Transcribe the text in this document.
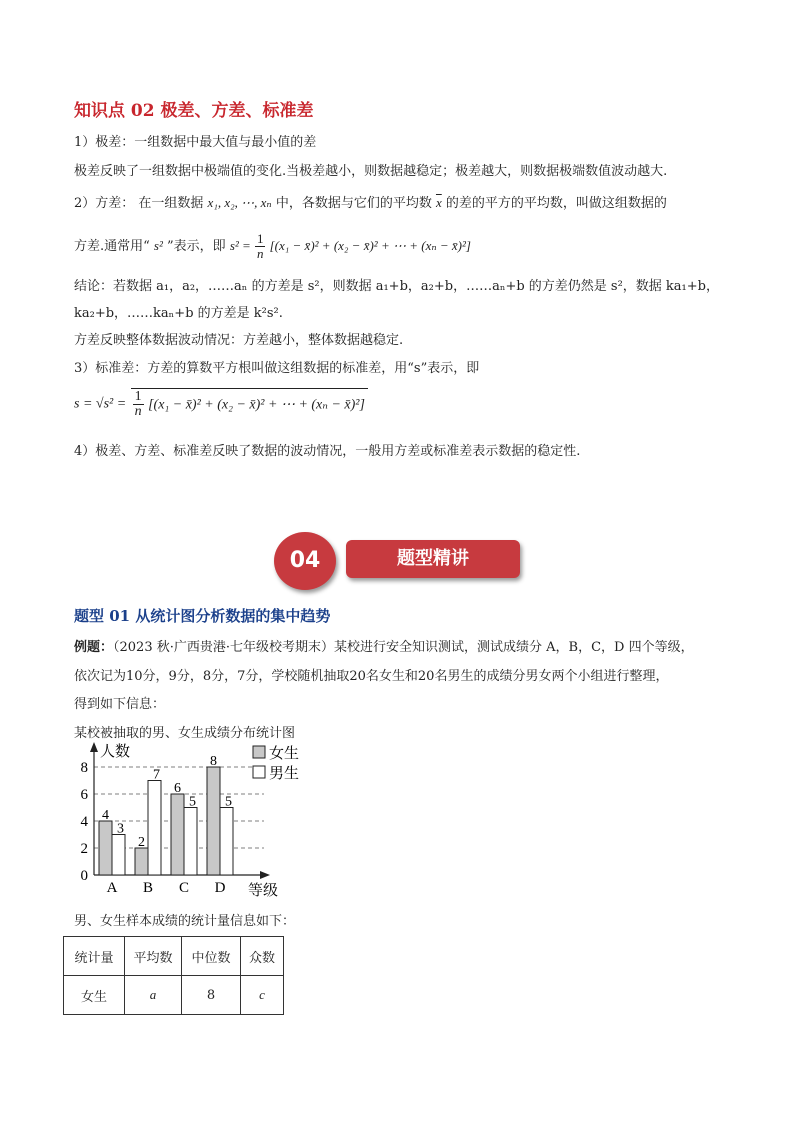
知识点 02 极差、方差、标准差
1）极差：一组数据中最大值与最小值的差
极差反映了一组数据中极端值的变化.当极差越小，则数据越稳定；极差越大，则数据极端数值波动越大.
2）方差： 在一组数据 x₁, x₂, ⋯, xₙ 中，各数据与它们的平均数 $\overline{x}$ 的差的平方的平均数，叫做这组数据的
方差.通常用“ s² ”表示，即 $s^2 = \frac{1}{n} [(x_1$ − x̄)² + (x₂ − x̄)² + ⋯ + (xₙ − x̄)²]
结论：若数据 a₁，a₂，……aₙ 的方差是 s²，则数据 a₁+b，a₂+b，……aₙ+b 的方差仍然是 s²，数据 ka₁+b，
ka₂+b，……kaₙ+b 的方差是 k²s².
方差反映整体数据波动情况：方差越小，整体数据越稳定.
3）标准差：方差的算数平方根叫做这组数据的标准差，用“s”表示，即
$s = √s^2 = \frac{1}{n} [(x_1$ − x̄)² + (x₂ − x̄)² + ⋯ + (xₙ − x̄)²]
4）极差、方差、标准差反映了数据的波动情况，一般用方差或标准差表示数据的稳定性.
04	题型精讲
题型 01 从统计图分析数据的集中趋势
例题：（2023 秋·广西贵港·七年级校考期末）某校进行安全知识测试，测试成绩分 A，B，C，D 四个等级，
依次记为10分，9分，8分，7分，学校随机抽取20名女生和20名男生的成绩分男女两个小组进行整理，
得到如下信息：
某校被抽取的男、女生成绩分布统计图
0
2
4
6
8
人数
等级
4
3
A
2
7
B
6
5
C
8
5
D
女生
男生
男、女生样本成绩的统计量信息如下：
统计量	平均数	中位数	众数
女生	a	8	c
